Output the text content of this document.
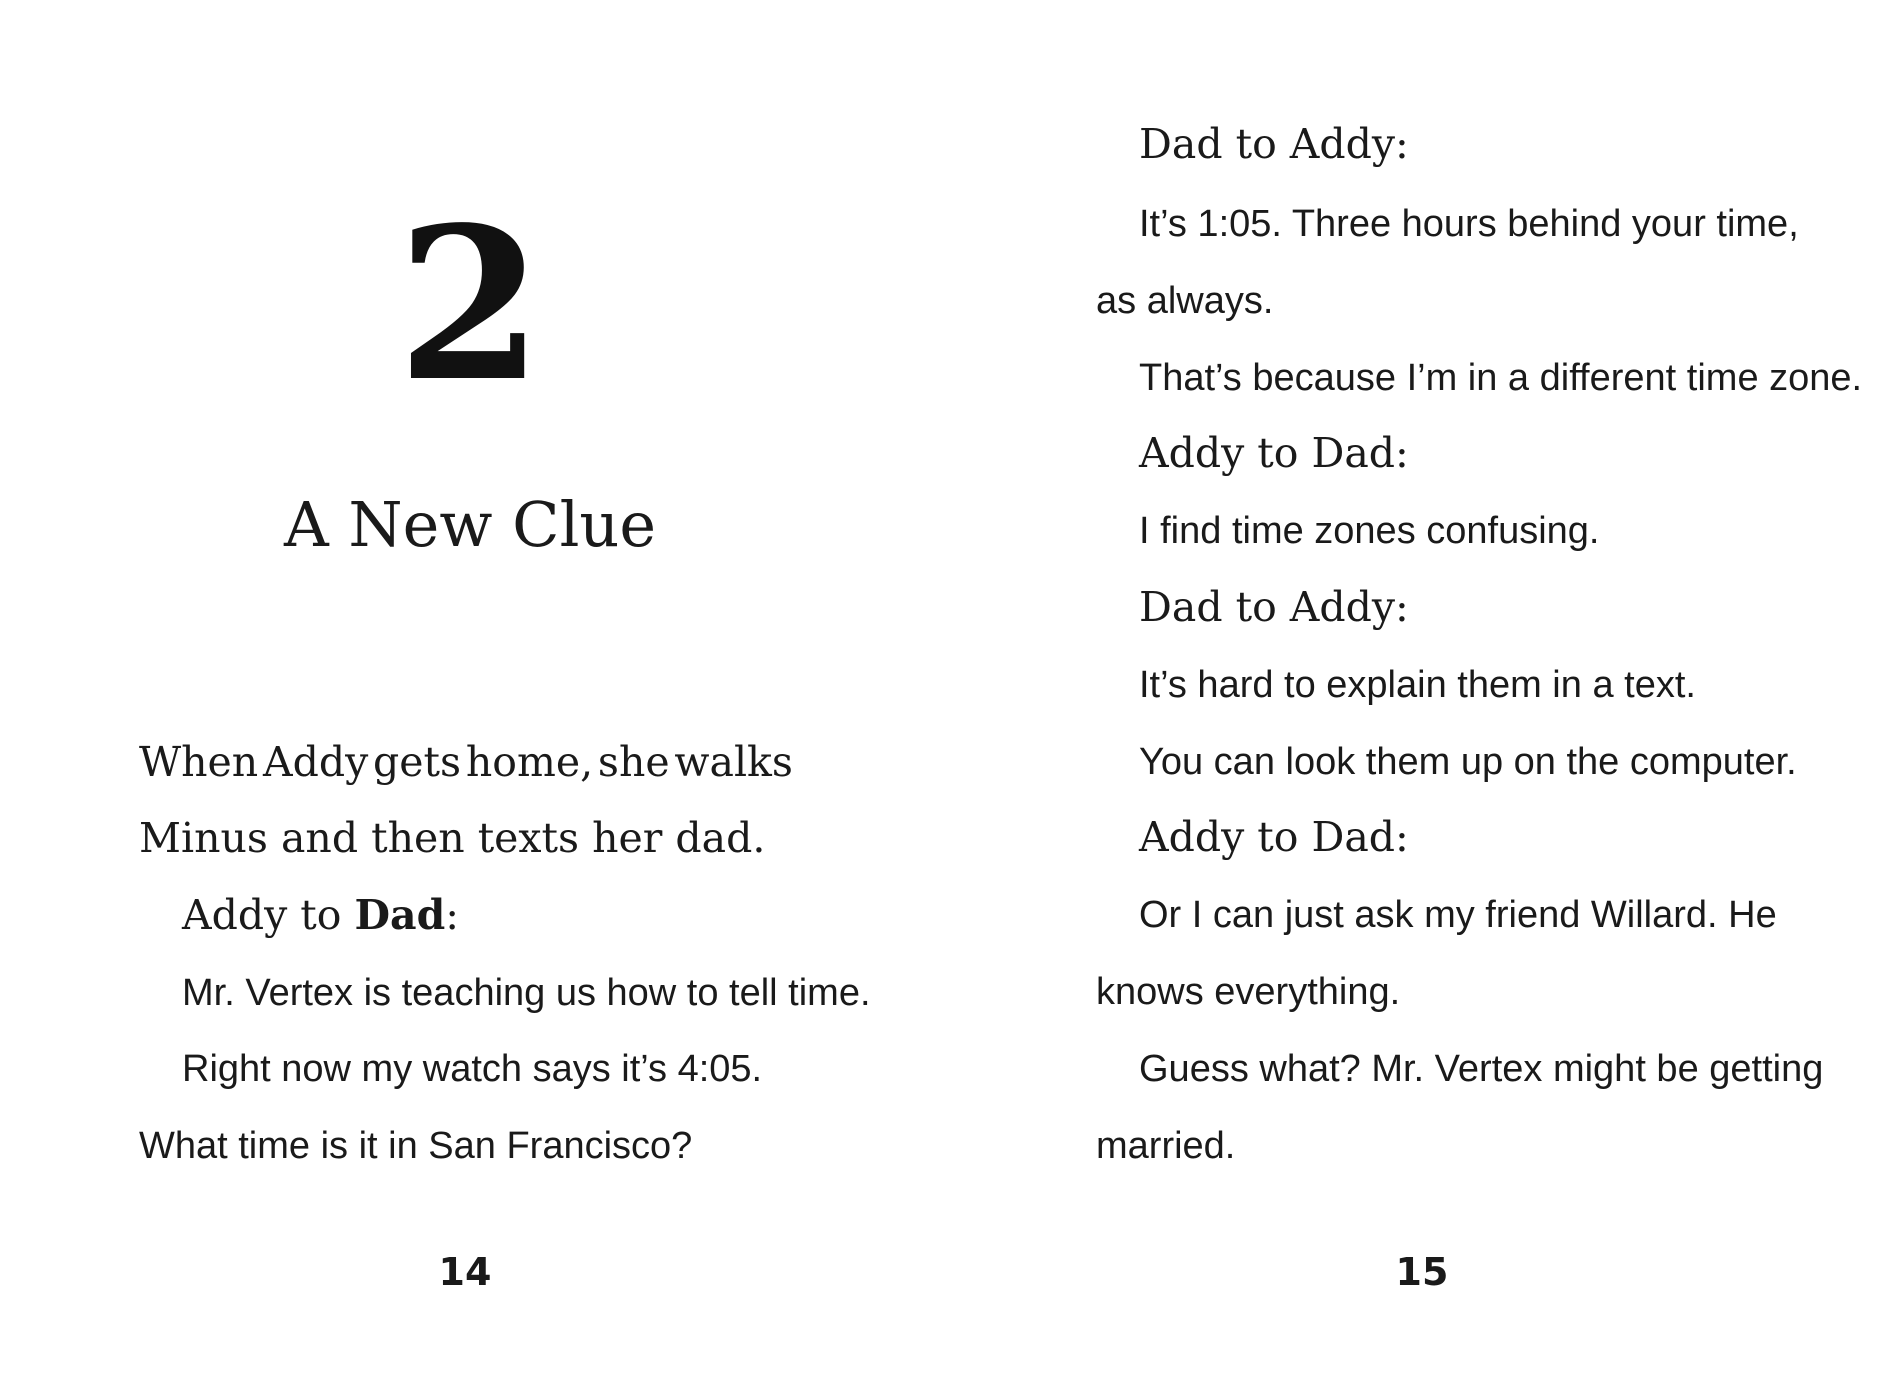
2
A New Clue
When Addy gets home, she walks
Minus and then texts her dad.
Addy to Dad:
Mr. Vertex is teaching us how to tell time.
Right now my watch says it’s 4:05.
What time is it in San Francisco?
14
Dad to Addy:
It’s 1:05. Three hours behind your time,
as always.
That’s because I’m in a different time zone.
Addy to Dad:
I find time zones confusing.
Dad to Addy:
It’s hard to explain them in a text.
You can look them up on the computer.
Addy to Dad:
Or I can just ask my friend Willard. He
knows everything.
Guess what? Mr. Vertex might be getting
married.
15
